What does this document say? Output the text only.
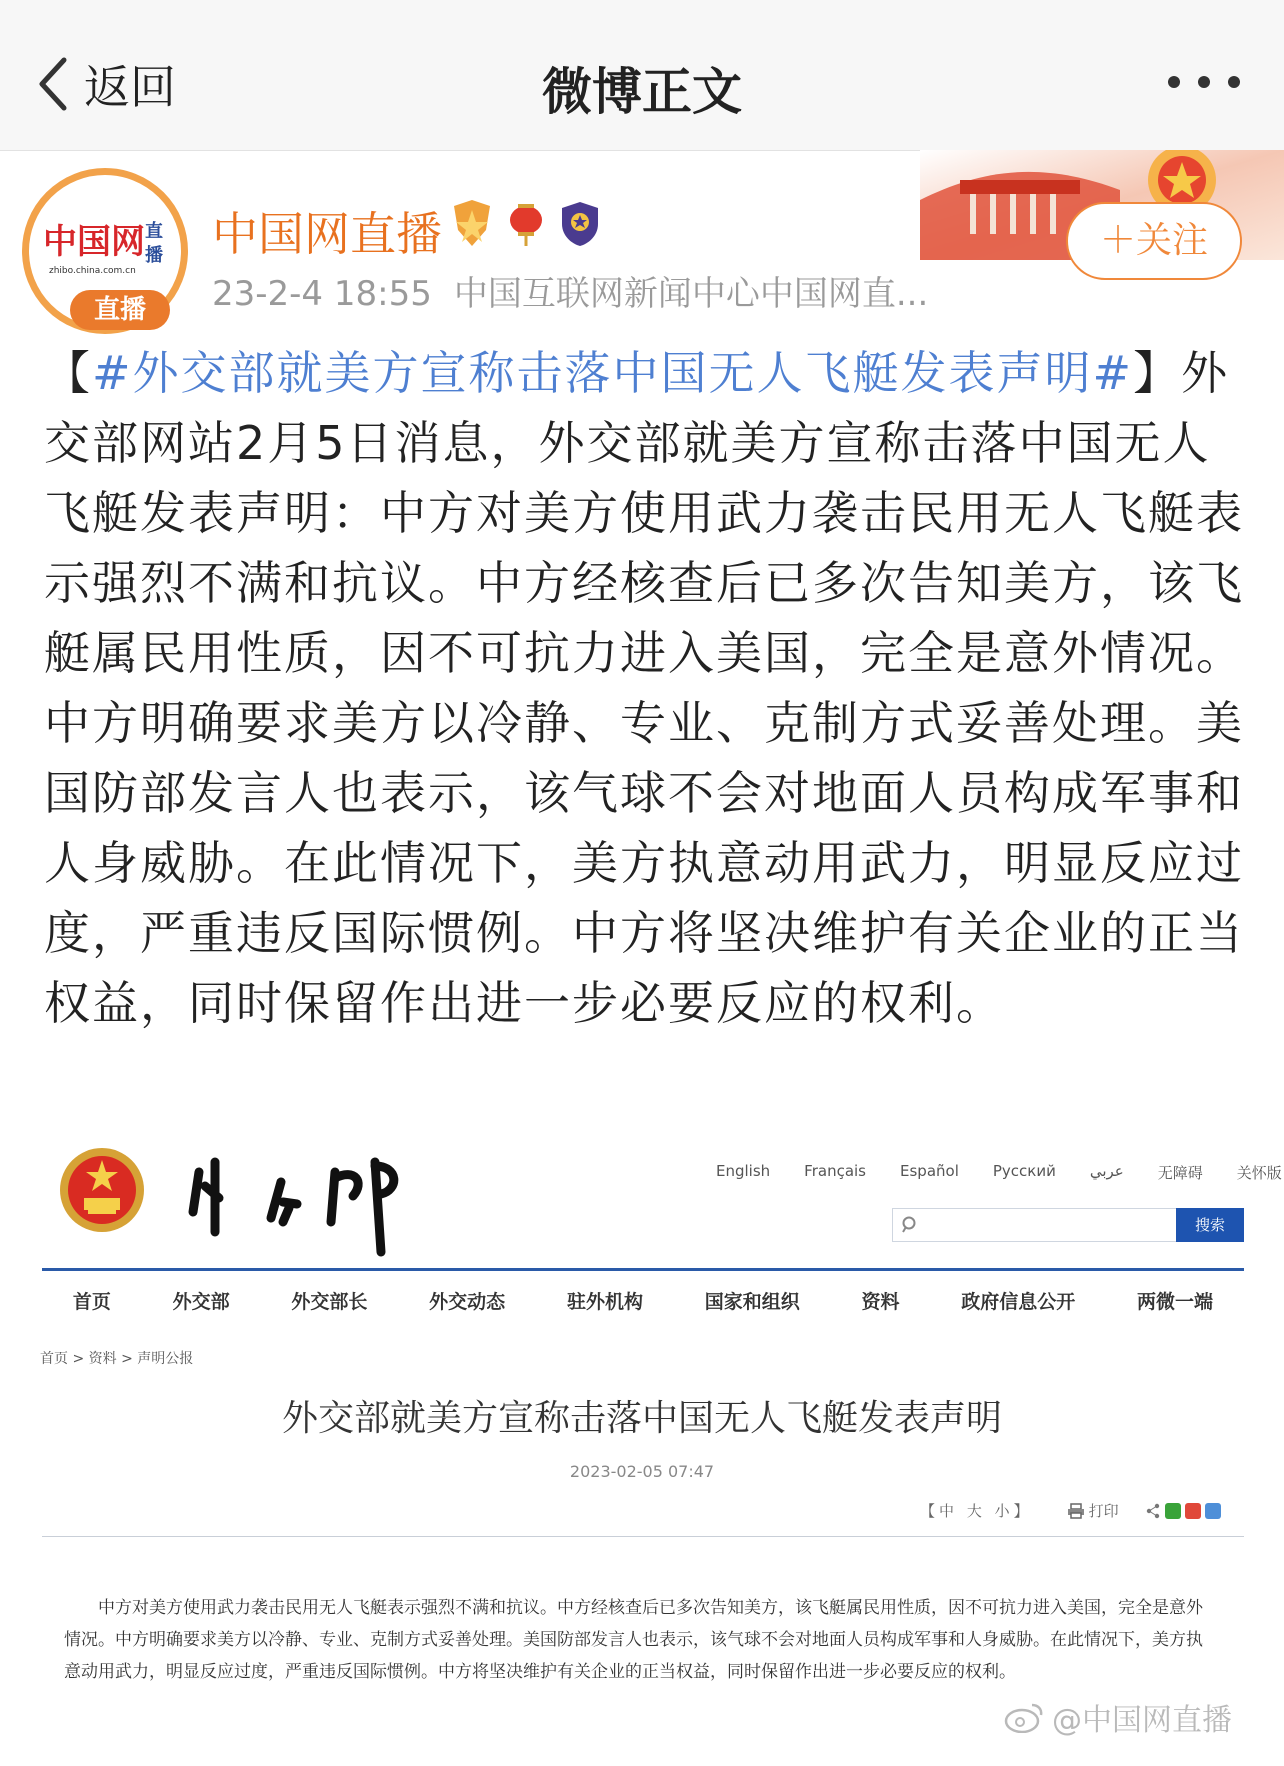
返回	微博正文
中国网 直
播
zhibo.china.com.cn
直播
中国网直播
23-2-4 18:55 中国互联网新闻中心中国网直...
＋关注
【#外交部就美方宣称击落中国无人飞艇发表声明#】外交部网站2月5日消息，外交部就美方宣称击落中国无人飞艇发表声明：中方对美方使用武力袭击民用无人飞艇表示强烈不满和抗议。中方经核查后已多次告知美方，该飞艇属民用性质，因不可抗力进入美国，完全是意外情况。中方明确要求美方以冷静、专业、克制方式妥善处理。美国防部发言人也表示，该气球不会对地面人员构成军事和人身威胁。在此情况下，美方执意动用武力，明显反应过度，严重违反国际惯例。中方将坚决维护有关企业的正当权益，同时保留作出进一步必要反应的权利。
English Français Español Русский عربي 无障碍 关怀版
搜索
首页	外交部	外交部长	外交动态	驻外机构	国家和组织	资料	政府信息公开	两微一端
首页 > 资料 > 声明公报
外交部就美方宣称击落中国无人飞艇发表声明
2023-02-05 07:47
【中 大 小】	打印
中方对美方使用武力袭击民用无人飞艇表示强烈不满和抗议。中方经核查后已多次告知美方，该飞艇属民用性质，因不可抗力进入美国，完全是意外情况。中方明确要求美方以冷静、专业、克制方式妥善处理。美国防部发言人也表示，该气球不会对地面人员构成军事和人身威胁。在此情况下，美方执意动用武力，明显反应过度，严重违反国际惯例。中方将坚决维护有关企业的正当权益，同时保留作出进一步必要反应的权利。
@中国网直播
